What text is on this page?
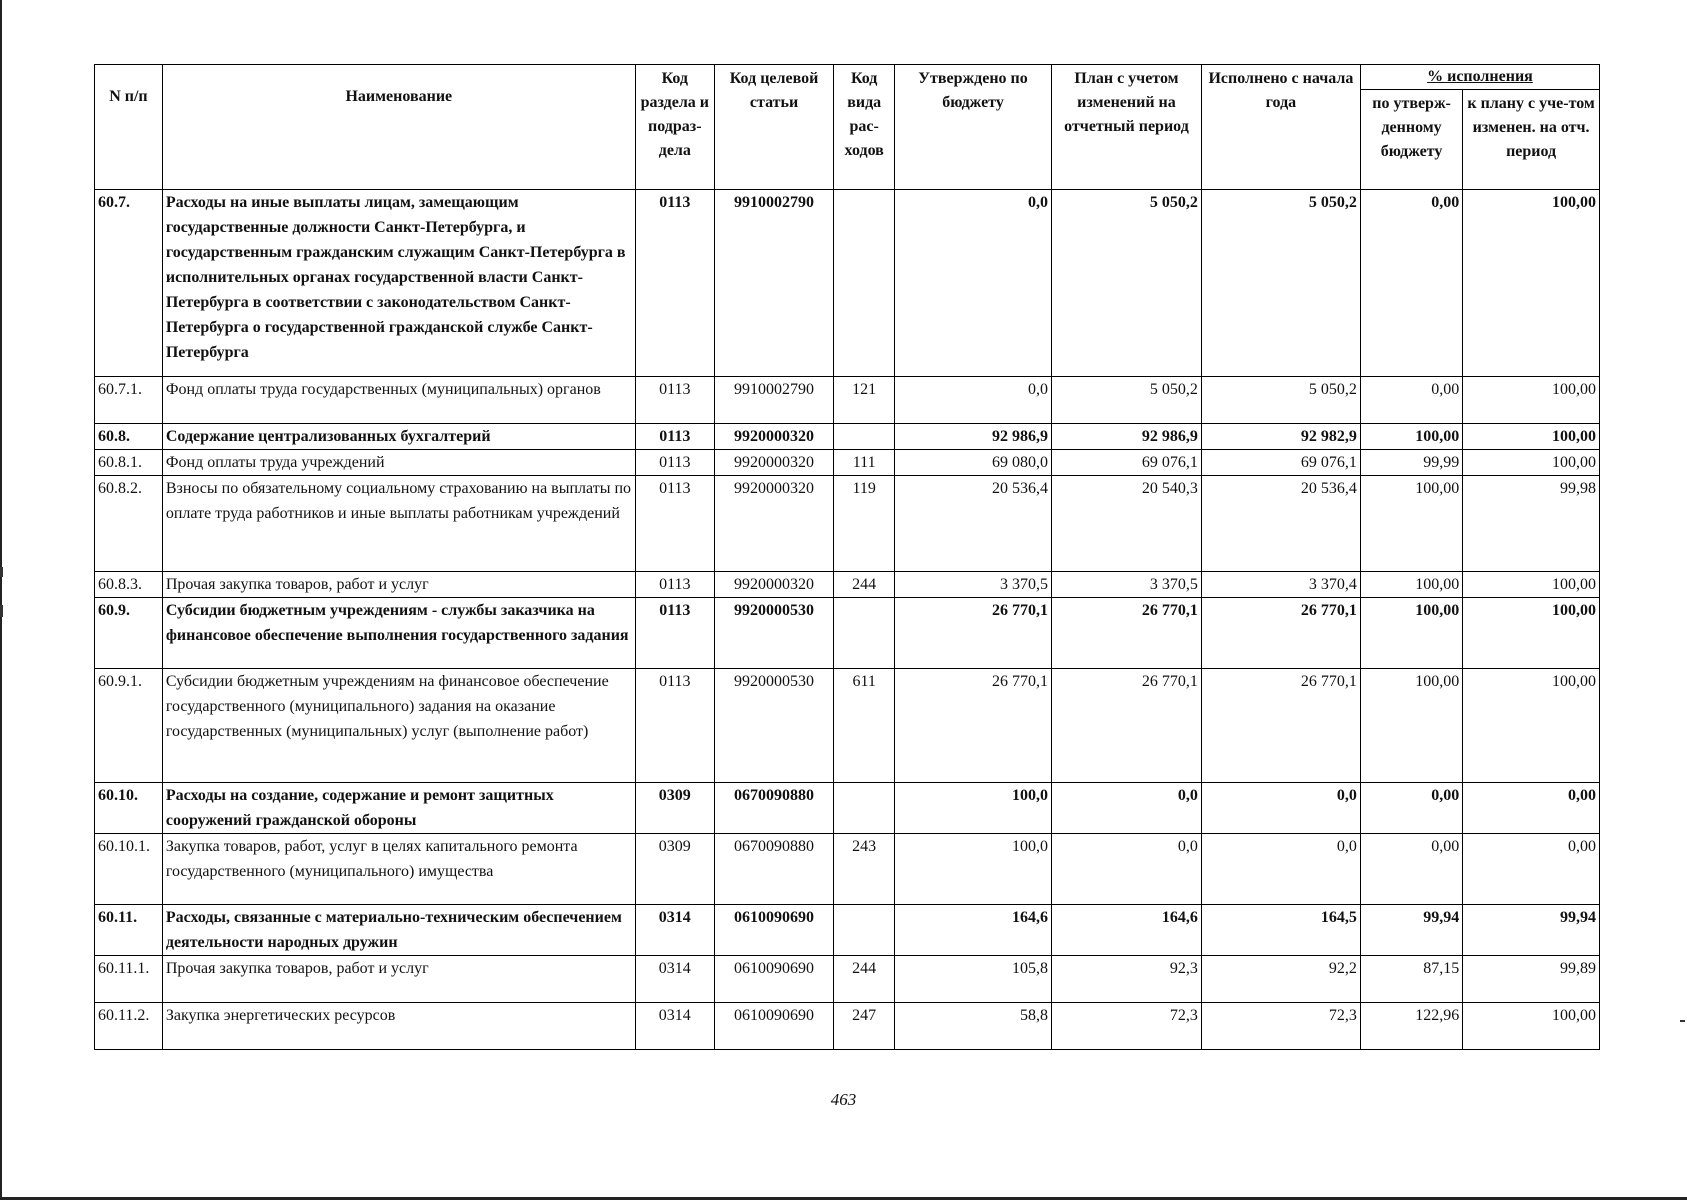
N п/п	Наименование	Код раздела и подраз-дела	Код целевой статьи	Код вида рас-ходов	Утверждено по бюджету	План с учетом изменений на отчетный период	Исполнено с начала года	% исполнения	
								по утверж-денному бюджету	к плану с уче-том изменен. на отч. период
60.7.	Расходы на иные выплаты лицам, замещающим государственные должности Санкт-Петербурга, и государственным гражданским служащим Санкт-Петербурга в исполнительных органах государственной власти Санкт-Петербурга в соответствии с законодательством Санкт-Петербурга о государственной гражданской службе Санкт-Петербурга	0113	9910002790		0,0	5 050,2	5 050,2	0,00	100,00
60.7.1.	Фонд оплаты труда государственных (муниципальных) органов	0113	9910002790	121	0,0	5 050,2	5 050,2	0,00	100,00
60.8.	Содержание централизованных бухгалтерий	0113	9920000320		92 986,9	92 986,9	92 982,9	100,00	100,00
60.8.1.	Фонд оплаты труда учреждений	0113	9920000320	111	69 080,0	69 076,1	69 076,1	99,99	100,00
60.8.2.	Взносы по обязательному социальному страхованию на выплаты по оплате труда работников и иные выплаты работникам учреждений	0113	9920000320	119	20 536,4	20 540,3	20 536,4	100,00	99,98
60.8.3.	Прочая закупка товаров, работ и услуг	0113	9920000320	244	3 370,5	3 370,5	3 370,4	100,00	100,00
60.9.	Субсидии бюджетным учреждениям - службы заказчика на финансовое обеспечение выполнения государственного задания	0113	9920000530		26 770,1	26 770,1	26 770,1	100,00	100,00
60.9.1.	Субсидии бюджетным учреждениям на финансовое обеспечение государственного (муниципального) задания на оказание государственных (муниципальных) услуг (выполнение работ)	0113	9920000530	611	26 770,1	26 770,1	26 770,1	100,00	100,00
60.10.	Расходы на создание, содержание и ремонт защитных сооружений гражданской обороны	0309	0670090880		100,0	0,0	0,0	0,00	0,00
60.10.1.	Закупка товаров, работ, услуг в целях капитального ремонта государственного (муниципального) имущества	0309	0670090880	243	100,0	0,0	0,0	0,00	0,00
60.11.	Расходы, связанные с материально-техническим обеспечением деятельности народных дружин	0314	0610090690		164,6	164,6	164,5	99,94	99,94
60.11.1.	Прочая закупка товаров, работ и услуг	0314	0610090690	244	105,8	92,3	92,2	87,15	99,89
60.11.2.	Закупка энергетических ресурсов	0314	0610090690	247	58,8	72,3	72,3	122,96	100,00
463
